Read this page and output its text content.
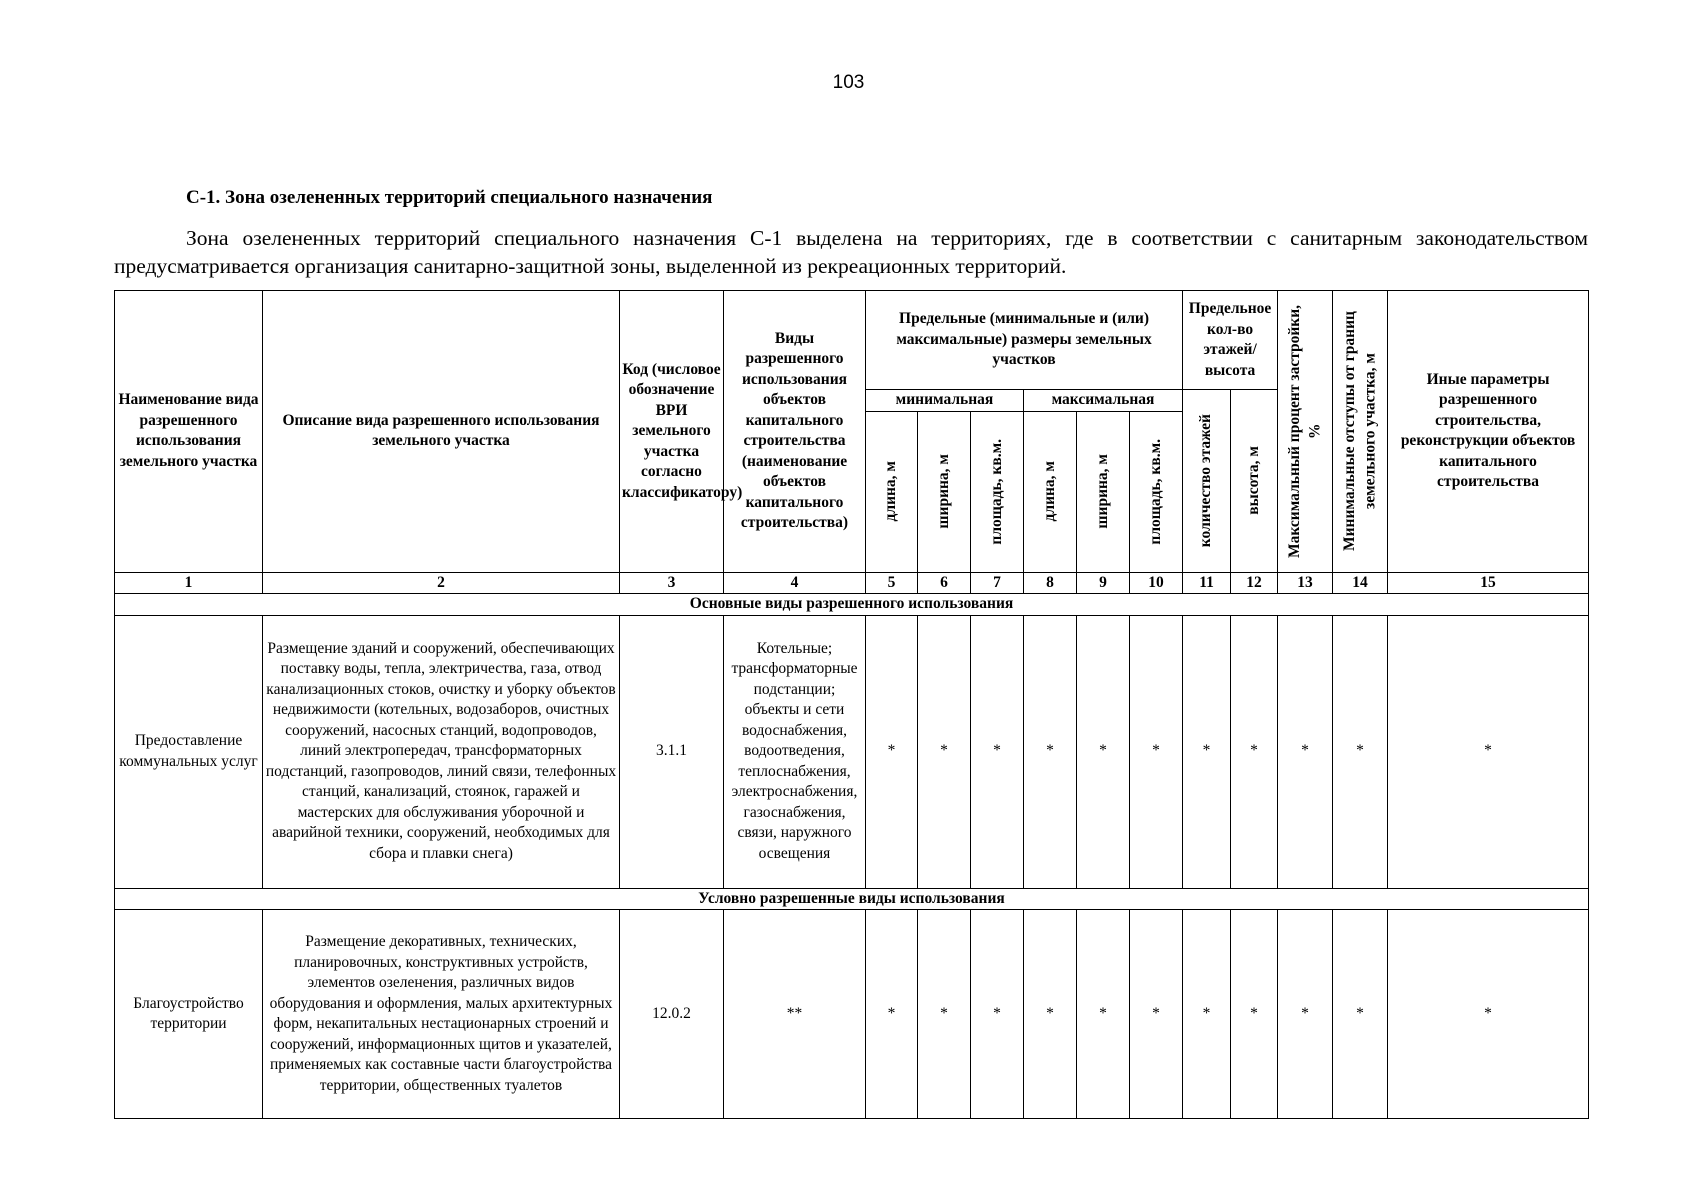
103
С-1. Зона озелененных территорий специального назначения

Зона озелененных территорий специального назначения С-1 выделена на территориях, где в соответствии с санитарным законодательством предусматривается организация санитарно-защитной зоны, выделенной из рекреационных территорий.

Наименование вида разрешенного использования земельного участка	Описание вида разрешенного использования земельного участка	Код (числовое обозначение ВРИ земельного участка согласно классификатору)	Виды разрешенного использования объектов капитального строительства (наименование объектов капитального строительства)	Предельные (минимальные и (или) максимальные) размеры земельных участков						Предельное кол-во этажей/ высота		Максимальный процент застройки, %	Минимальные отступы от границ земельного участка, м	Иные параметры разрешенного строительства, реконструкции объектов капитального строительства
				минимальная			максимальная			количество этажей	высота, м			

				длина, м	ширина, м	площадь, кв.м.	длина, м	ширина, м	площадь, кв.м.					

1	2	3	4	5	6	7	8	9	10	11	12	13	14	15
Основные виды разрешенного использования														
Предоставление коммунальных услуг	Размещение зданий и сооружений, обеспечивающих поставку воды, тепла, электричества, газа, отвод канализационных стоков, очистку и уборку объектов недвижимости (котельных, водозаборов, очистных сооружений, насосных станций, водопроводов, линий электропередач, трансформаторных подстанций, газопроводов, линий связи, телефонных станций, канализаций, стоянок, гаражей и мастерских для обслуживания уборочной и аварийной техники, сооружений, необходимых для сбора и плавки снега)	3.1.1	Котельные; трансформаторные подстанции; объекты и сети водоснабжения, водоотведения, теплоснабжения, электроснабжения, газоснабжения, связи, наружного освещения	*	*	*	*	*	*	*	*	*	*	*
Условно разрешенные виды использования														
Благоустройство территории	Размещение декоративных, технических, планировочных, конструктивных устройств, элементов озеленения, различных видов оборудования и оформления, малых архитектурных форм, некапитальных нестационарных строений и сооружений, информационных щитов и указателей, применяемых как составные части благоустройства территории, общественных туалетов	12.0.2	**	*	*	*	*	*	*	*	*	*	*	*
